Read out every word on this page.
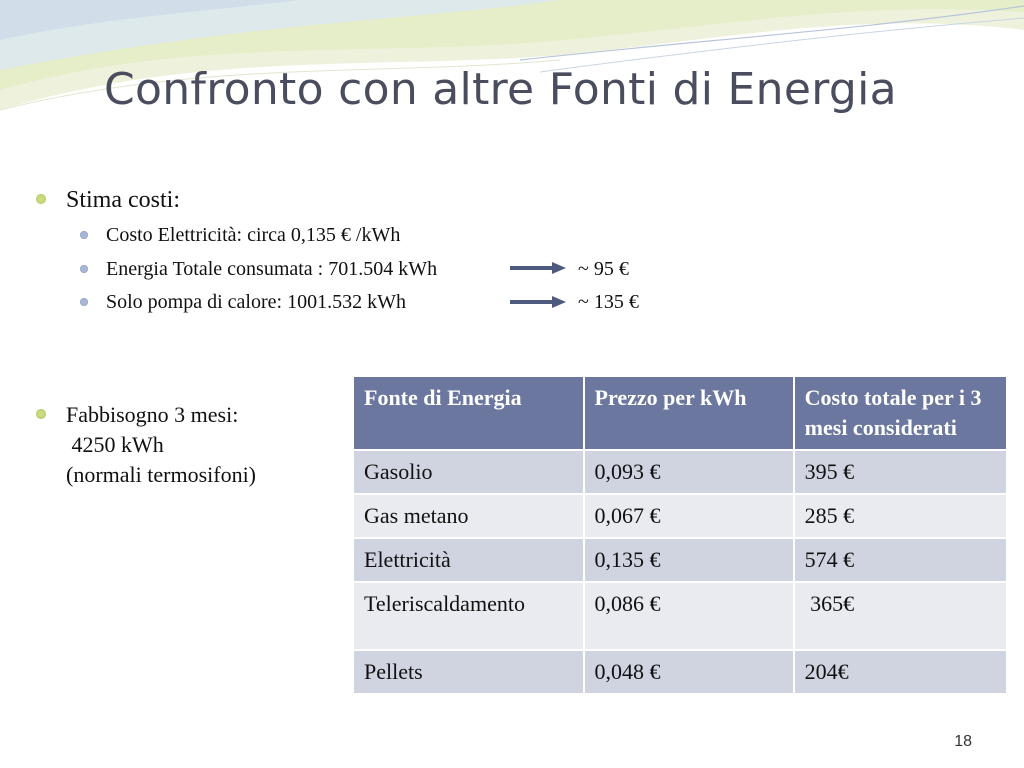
Confronto con altre Fonti di Energia
Stima costi:
Costo Elettricità: circa 0,135 € /kWh
Energia Totale consumata : 701.504 kWh	~ 95 €
Solo pompa di calore: 1001.532 kWh	~ 135 €
Fabbisogno 3 mesi:
4250 kWh
(normali termosifoni)
Fonte di Energia	Prezzo per kWh	Costo totale per i 3 mesi considerati
Gasolio	0,093 €	395 €
Gas metano	0,067 €	285 €
Elettricità	0,135 €	574 €
Teleriscaldamento	0,086 €	365€
Pellets	0,048 €	204€
18
